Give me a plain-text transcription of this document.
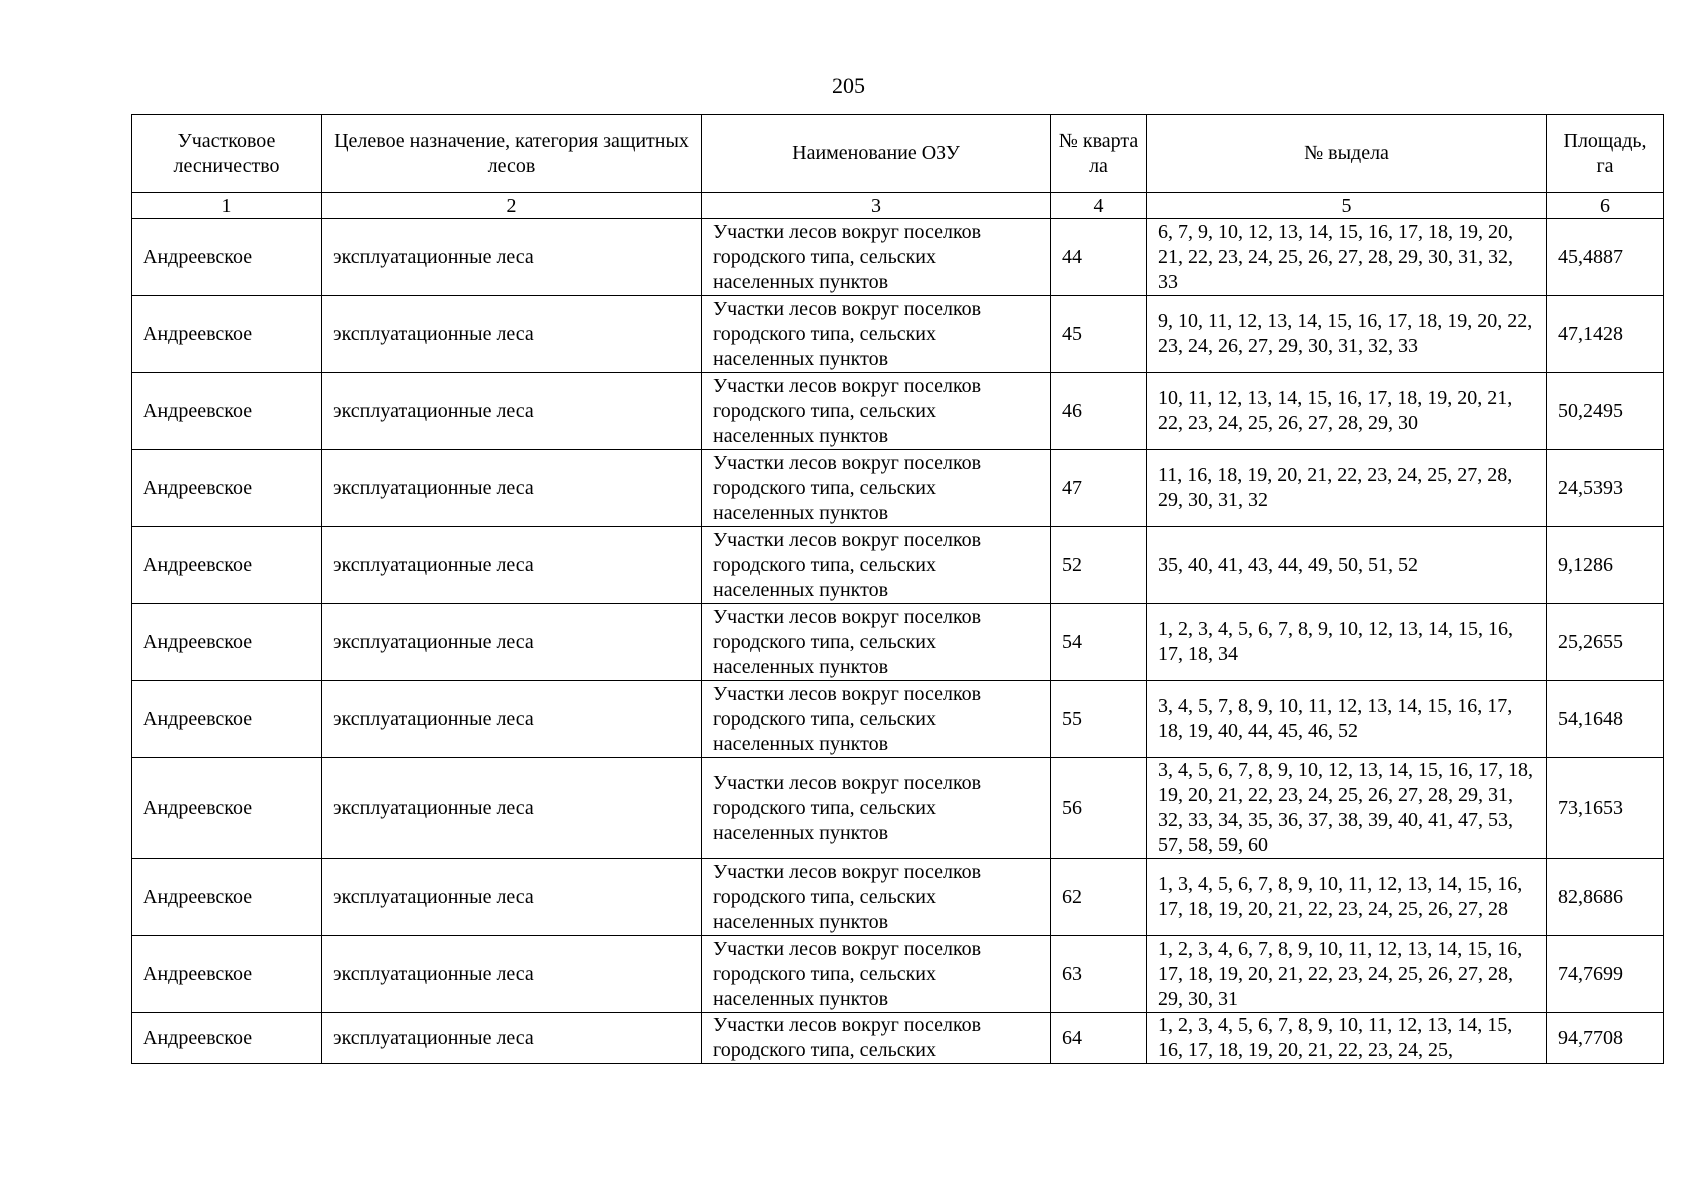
205
Участковое лесничество	Целевое назначение, категория защитных лесов	Наименование ОЗУ	№ квартала	№ выдела	Площадь, га
1	2	3	4	5	6
Андреевское	эксплуатационные леса	Участки лесов вокруг поселков городского типа, сельских населенных пунктов	44	6, 7, 9, 10, 12, 13, 14, 15, 16, 17, 18, 19, 20, 21, 22, 23, 24, 25, 26, 27, 28, 29, 30, 31, 32, 33	45,4887
Андреевское	эксплуатационные леса	Участки лесов вокруг поселков городского типа, сельских населенных пунктов	45	9, 10, 11, 12, 13, 14, 15, 16, 17, 18, 19, 20, 22, 23, 24, 26, 27, 29, 30, 31, 32, 33	47,1428
Андреевское	эксплуатационные леса	Участки лесов вокруг поселков городского типа, сельских населенных пунктов	46	10, 11, 12, 13, 14, 15, 16, 17, 18, 19, 20, 21, 22, 23, 24, 25, 26, 27, 28, 29, 30	50,2495
Андреевское	эксплуатационные леса	Участки лесов вокруг поселков городского типа, сельских населенных пунктов	47	11, 16, 18, 19, 20, 21, 22, 23, 24, 25, 27, 28, 29, 30, 31, 32	24,5393
Андреевское	эксплуатационные леса	Участки лесов вокруг поселков городского типа, сельских населенных пунктов	52	35, 40, 41, 43, 44, 49, 50, 51, 52	9,1286
Андреевское	эксплуатационные леса	Участки лесов вокруг поселков городского типа, сельских населенных пунктов	54	1, 2, 3, 4, 5, 6, 7, 8, 9, 10, 12, 13, 14, 15, 16, 17, 18, 34	25,2655
Андреевское	эксплуатационные леса	Участки лесов вокруг поселков городского типа, сельских населенных пунктов	55	3, 4, 5, 7, 8, 9, 10, 11, 12, 13, 14, 15, 16, 17, 18, 19, 40, 44, 45, 46, 52	54,1648
Андреевское	эксплуатационные леса	Участки лесов вокруг поселков городского типа, сельских населенных пунктов	56	3, 4, 5, 6, 7, 8, 9, 10, 12, 13, 14, 15, 16, 17, 18, 19, 20, 21, 22, 23, 24, 25, 26, 27, 28, 29, 31, 32, 33, 34, 35, 36, 37, 38, 39, 40, 41, 47, 53, 57, 58, 59, 60	73,1653
Андреевское	эксплуатационные леса	Участки лесов вокруг поселков городского типа, сельских населенных пунктов	62	1, 3, 4, 5, 6, 7, 8, 9, 10, 11, 12, 13, 14, 15, 16, 17, 18, 19, 20, 21, 22, 23, 24, 25, 26, 27, 28	82,8686
Андреевское	эксплуатационные леса	Участки лесов вокруг поселков городского типа, сельских населенных пунктов	63	1, 2, 3, 4, 6, 7, 8, 9, 10, 11, 12, 13, 14, 15, 16, 17, 18, 19, 20, 21, 22, 23, 24, 25, 26, 27, 28, 29, 30, 31	74,7699
Андреевское	эксплуатационные леса	Участки лесов вокруг поселков городского типа, сельских	64	1, 2, 3, 4, 5, 6, 7, 8, 9, 10, 11, 12, 13, 14, 15, 16, 17, 18, 19, 20, 21, 22, 23, 24, 25,	94,7708
